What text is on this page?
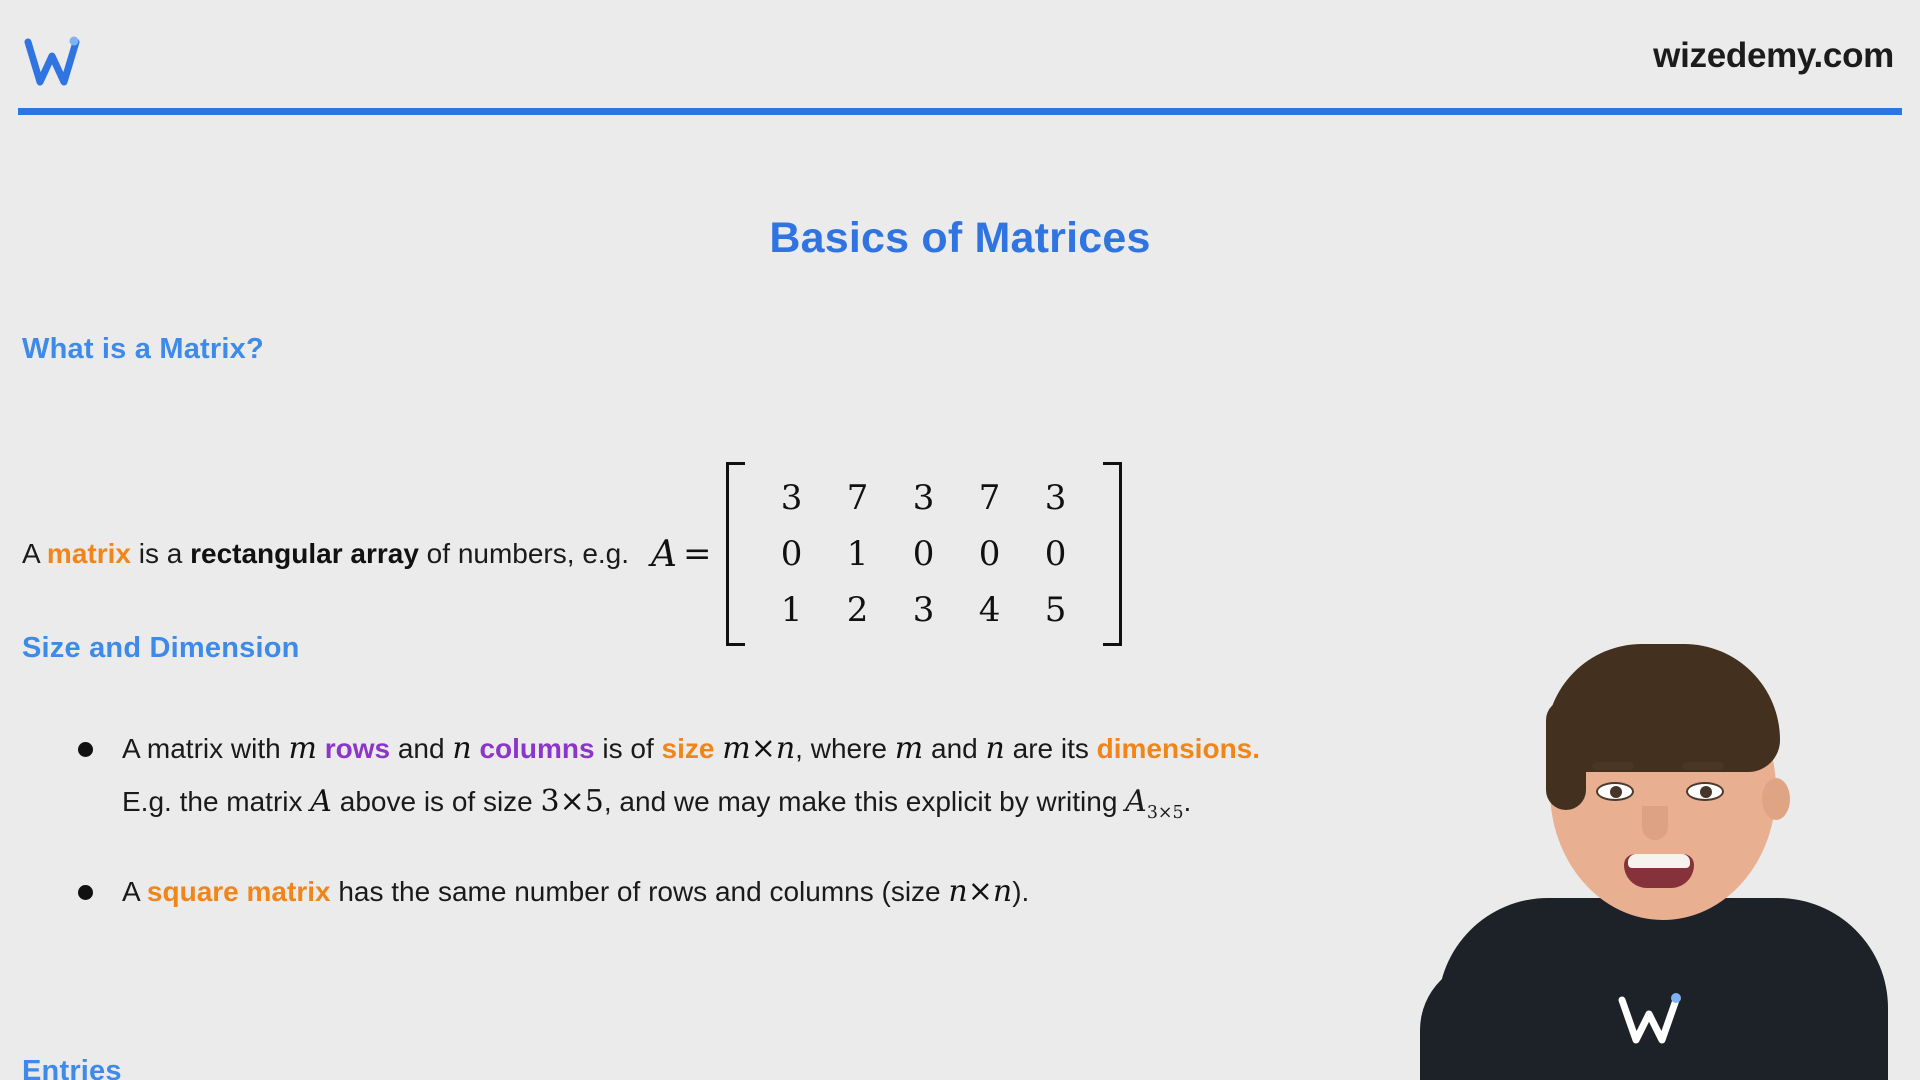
wizedemy.com
Basics of Matrices
What is a Matrix?
A matrix is a rectangular array of numbers, e.g. A =
3	7	3	7	3
0	1	0	0	0
1	2	3	4	5
Size and Dimension
A matrix with m rows and n columns is of size m×n, where m and n are its dimensions.
E.g. the matrix A above is of size 3×5, and we may make this explicit by writing $A_{3\times 5}$.
A square matrix has the same number of rows and columns (size n×n).
Entries
